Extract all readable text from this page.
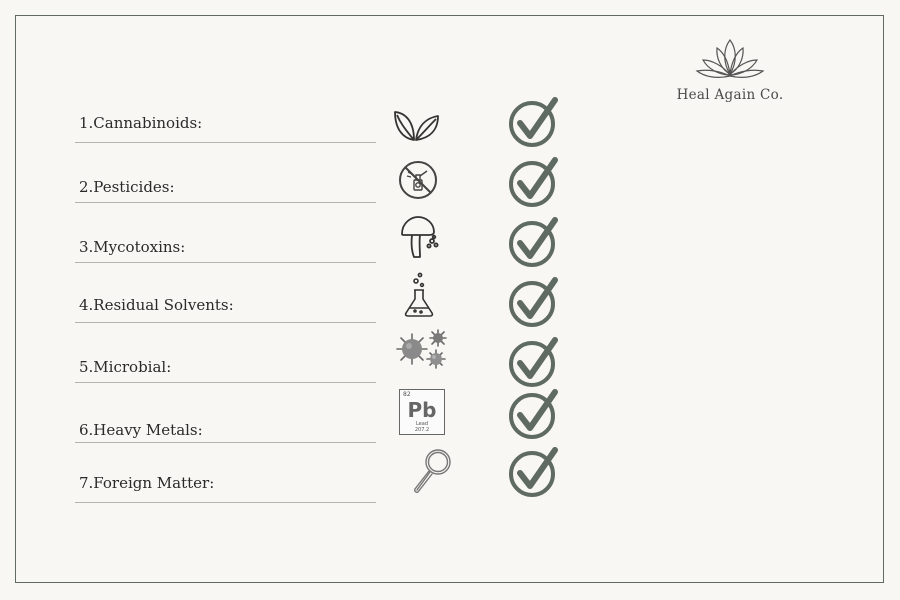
Heal Again Co.
1.Cannabinoids:
2.Pesticides:
3.Mycotoxins:
4.Residual Solvents:
5.Microbial:
6.Heavy Metals:
82
Pb
Lead
207.2
7.Foreign Matter:
